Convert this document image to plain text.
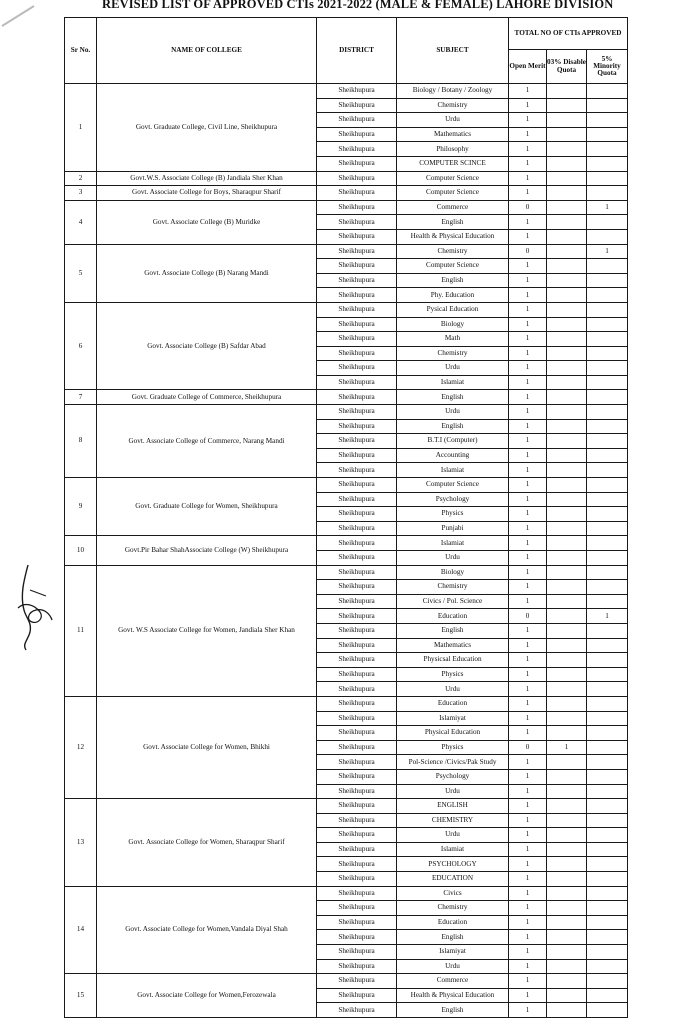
REVISED LIST OF APPROVED CTIs 2021-2022 (MALE & FEMALE) LAHORE DIVISION
Sr No.	NAME OF COLLEGE	DISTRICT	SUBJECT	TOTAL NO OF CTIs APPROVED		
				Open Merit	03% Disable Quota	5% Minority Quota
1	Govt. Graduate College, Civil Line, Sheikhupura	Sheikhupura	Biology / Botany / Zoology	1		
		Sheikhupura	Chemistry	1		
		Sheikhupura	Urdu	1		
		Sheikhupura	Mathematics	1		
		Sheikhupura	Philosophy	1		
		Sheikhupura	COMPUTER SCINCE	1		
2	Govt.W.S. Associate College (B) Jandiala Sher Khan	Sheikhupura	Computer Science	1		
3	Govt. Associate College for Boys, Sharaqpur Sharif	Sheikhupura	Computer Science	1		
4	Govt. Associate College (B) Muridke	Sheikhupura	Commerce	0		1
		Sheikhupura	English	1		
		Sheikhupura	Health & Physical Education	1		
5	Govt. Associate College (B) Narang Mandi	Sheikhupura	Chemistry	0		1
		Sheikhupura	Computer Science	1		
		Sheikhupura	English	1		
		Sheikhupura	Phy. Education	1		
6	Govt. Associate College (B) Safdar Abad	Sheikhupura	Pysical Education	1		
		Sheikhupura	Biology	1		
		Sheikhupura	Math	1		
		Sheikhupura	Chemistry	1		
		Sheikhupura	Urdu	1		
		Sheikhupura	Islamiat	1		
7	Govt. Graduate College of Commerce, Sheikhupura	Sheikhupura	English	1		
8	Govt. Associate College of Commerce, Narang Mandi	Sheikhupura	Urdu	1		
		Sheikhupura	English	1		
		Sheikhupura	B.T.I (Computer)	1		
		Sheikhupura	Accounting	1		
		Sheikhupura	Islamiat	1		
9	Govt. Graduate College for Women, Sheikhupura	Sheikhupura	Computer Science	1		
		Sheikhupura	Psychology	1		
		Sheikhupura	Physics	1		
		Sheikhupura	Punjabi	1		
10	Govt.Pir Bahar ShahAssociate College (W) Sheikhupura	Sheikhupura	Islamiat	1		
		Sheikhupura	Urdu	1		
11	Govt. W.S Associate College for Women, Jandiala Sher Khan	Sheikhupura	Biology	1		
		Sheikhupura	Chemistry	1		
		Sheikhupura	Civics / Pol. Science	1		
		Sheikhupura	Education	0		1
		Sheikhupura	English	1		
		Sheikhupura	Mathematics	1		
		Sheikhupura	Physicsal Education	1		
		Sheikhupura	Physics	1		
		Sheikhupura	Urdu	1		
12	Govt. Associate College for Women, Bhikhi	Sheikhupura	Education	1		
		Sheikhupura	Islamiyat	1		
		Sheikhupura	Physical Education	1		
		Sheikhupura	Physics	0	1	
		Sheikhupura	Pol-Science /Civics/Pak Study	1		
		Sheikhupura	Psychology	1		
		Sheikhupura	Urdu	1		
13	Govt. Associate College for Women, Sharaqpur Sharif	Sheikhupura	ENGLISH	1		
		Sheikhupura	CHEMISTRY	1		
		Sheikhupura	Urdu	1		
		Sheikhupura	Islamiat	1		
		Sheikhupura	PSYCHOLOGY	1		
		Sheikhupura	EDUCATION	1		
14	Govt. Associate College for Women,Vandala Diyal Shah	Sheikhupura	Civics	1		
		Sheikhupura	Chemistry	1		
		Sheikhupura	Education	1		
		Sheikhupura	English	1		
		Sheikhupura	Islamiyat	1		
		Sheikhupura	Urdu	1		
15	Govt. Associate College for Women,Ferozewala	Sheikhupura	Commerce	1		
		Sheikhupura	Health & Physical Education	1		
		Sheikhupura	English	1		
